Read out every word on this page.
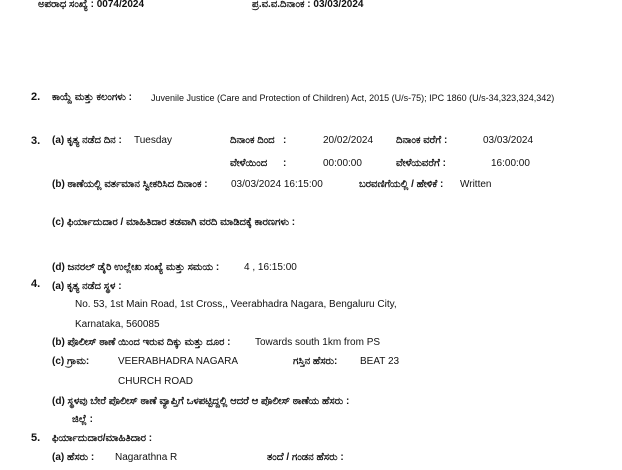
ಅಪರಾಧ ಸಂಖ್ಯೆ : 0074/2024	ಪ್ರ.ವ.ವ.ದಿನಾಂಕ : 03/03/2024
2. ಕಾಯ್ದೆ ಮತ್ತು ಕಲಂಗಳು : Juvenile Justice (Care and Protection of Children) Act, 2015 (U/s-75); IPC 1860 (U/s-34,323,324,342)
3. (a) ಕೃತ್ಯ ನಡೆದ ದಿನ : Tuesday	ದಿನಾಂಕ ದಿಂದ :	20/02/2024 ದಿನಾಂಕ ವರೆಗೆ :	03/03/2024
ವೇಳೆಯಿಂದ :	00:00:00	ವೇಳೆಯವರೆಗೆ :	16:00:00
(b) ಠಾಣೆಯಲ್ಲಿ ವರ್ತಮಾನ ಸ್ವೀಕರಿಸಿದ ದಿನಾಂಕ : 03/03/2024 16:15:00	ಬರವಣಿಗೆಯಲ್ಲಿ / ಹೇಳಿಕೆ : Written
(c) ಫಿರ್ಯಾದುದಾರ / ಮಾಹಿತಿದಾರ ತಡವಾಗಿ ವರದಿ ಮಾಡಿದಕ್ಕೆ ಕಾರಣಗಳು :
(d) ಜನರಲ್ ಡೈರಿ ಉಲ್ಲೇಖ ಸಂಖ್ಯೆ ಮತ್ತು ಸಮಯ : 4 , 16:15:00
4. (a) ಕೃತ್ಯ ನಡೆದ ಸ್ಥಳ :
No. 53, 1st Main Road, 1st Cross,, Veerabhadra Nagara, Bengaluru City,
Karnataka, 560085
(b) ಪೊಲೀಸ್ ಠಾಣೆ ಯಿಂದ ಇರುವ ದಿಕ್ಕು ಮತ್ತು ದೂರ : Towards south 1km from PS
(c) ಗ್ರಾಮ:	VEERABHADRA NAGARA	ಗಸ್ತಿನ ಹೆಸರು: BEAT 23
CHURCH ROAD
(d) ಸ್ಥಳವು ಬೇರೆ ಪೊಲೀಸ್ ಠಾಣೆ ವ್ಯಾಪ್ತಿಗೆ ಒಳಪಟ್ಟಿದ್ದಲ್ಲಿ ಆದರೆ ಆ ಪೊಲೀಸ್ ಠಾಣೆಯ ಹೆಸರು :
ಜಿಲ್ಲೆ :
5. ಫಿರ್ಯಾದುದಾರ/ಮಾಹಿತಿದಾರ :
(a) ಹೆಸರು : Nagarathna R	ತಂದೆ / ಗಂಡನ ಹೆಸರು :
